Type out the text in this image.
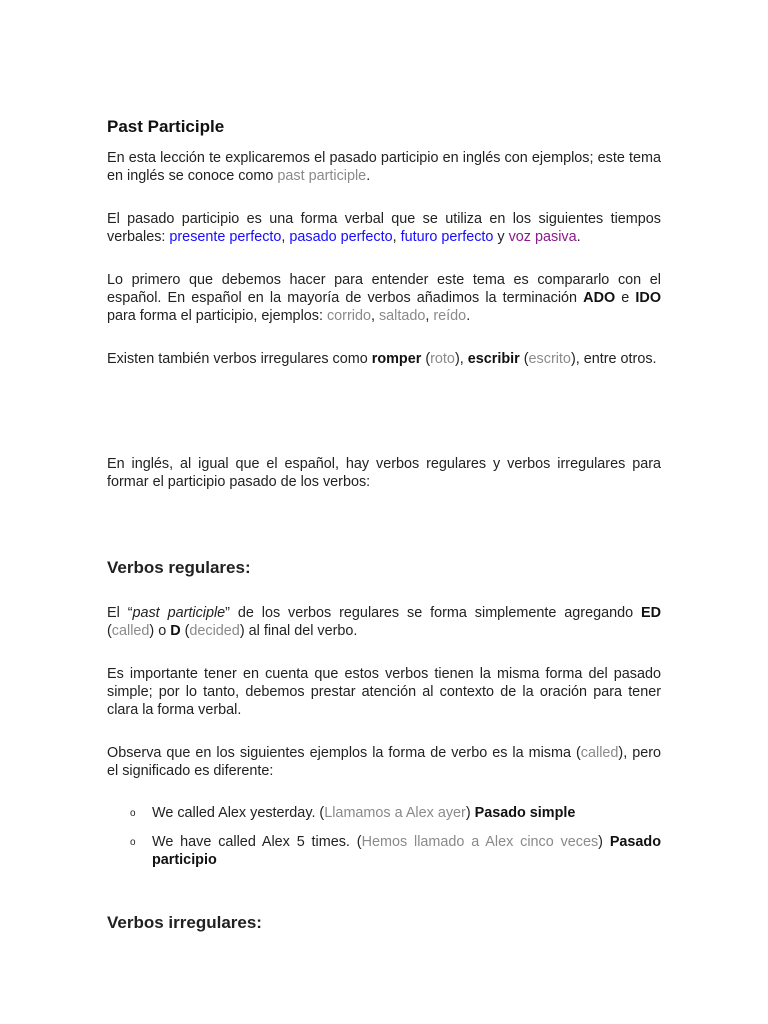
Past Participle

En esta lección te explicaremos el pasado participio en inglés con ejemplos; este tema en inglés se conoce como past participle.

El pasado participio es una forma verbal que se utiliza en los siguientes tiempos verbales: presente perfecto, pasado perfecto, futuro perfecto y voz pasiva.

Lo primero que debemos hacer para entender este tema es compararlo con el español. En español en la mayoría de verbos añadimos la terminación ADO e IDO para forma el participio, ejemplos: corrido, saltado, reído.

Existen también verbos irregulares como romper (roto), escribir (escrito), entre otros.

En inglés, al igual que el español, hay verbos regulares y verbos irregulares para formar el participio pasado de los verbos:

Verbos regulares:

El “past participle” de los verbos regulares se forma simplemente agregando ED (called) o D (decided) al final del verbo.

Es importante tener en cuenta que estos verbos tienen la misma forma del pasado simple; por lo tanto, debemos prestar atención al contexto de la oración para tener clara la forma verbal.

Observa que en los siguientes ejemplos la forma de verbo es la misma (called), pero el significado es diferente:

o We called Alex yesterday. (Llamamos a Alex ayer) Pasado simple
o We have called Alex 5 times. (Hemos llamado a Alex cinco veces) Pasado participio
Verbos irregulares:
